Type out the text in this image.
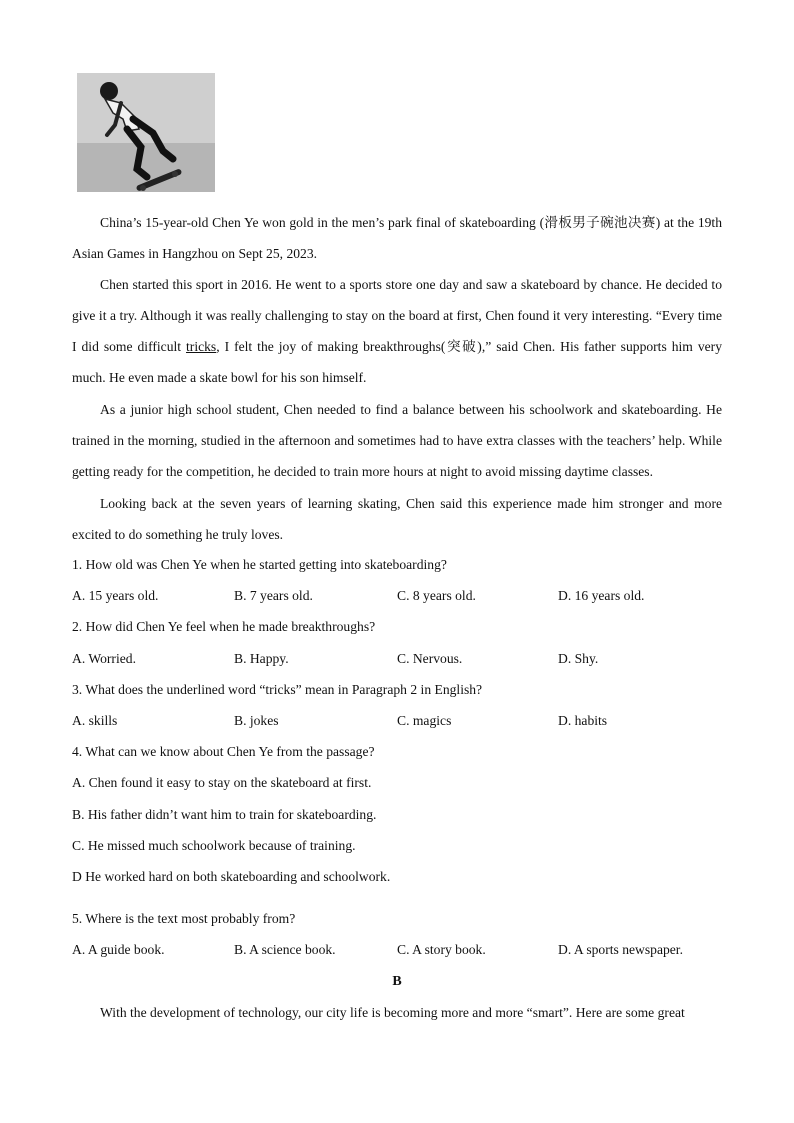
China’s 15-year-old Chen Ye won gold in the men’s park final of skateboarding (滑板男子碗池决赛) at the 19th Asian Games in Hangzhou on Sept 25, 2023.

Chen started this sport in 2016. He went to a sports store one day and saw a skateboard by chance. He decided to give it a try. Although it was really challenging to stay on the board at first, Chen found it very interesting. “Every time I did some difficult tricks, I felt the joy of making breakthroughs(突破),” said Chen. His father supports him very much. He even made a skate bowl for his son himself.

As a junior high school student, Chen needed to find a balance between his schoolwork and skateboarding. He trained in the morning, studied in the afternoon and sometimes had to have extra classes with the teachers’ help. While getting ready for the competition, he decided to train more hours at night to avoid missing daytime classes.

Looking back at the seven years of learning skating, Chen said this experience made him stronger and more excited to do something he truly loves.

1. How old was Chen Ye when he started getting into skateboarding?

A. 15 years old.	B. 7 years old.	C. 8 years old.	D. 16 years old.

2. How did Chen Ye feel when he made breakthroughs?

A. Worried.	B. Happy.	C. Nervous.	D. Shy.

3. What does the underlined word “tricks” mean in Paragraph 2 in English?

A. skills	B. jokes	C. magics	D. habits

4. What can we know about Chen Ye from the passage?

A. Chen found it easy to stay on the skateboard at first.
B. His father didn’t want him to train for skateboarding.
C. He missed much schoolwork because of training.
D He worked hard on both skateboarding and schoolwork.

5. Where is the text most probably from?

A. A guide book.	B. A science book.	C. A story book.	D. A sports newspaper.
B

With the development of technology, our city life is becoming more and more “smart”. Here are some great
